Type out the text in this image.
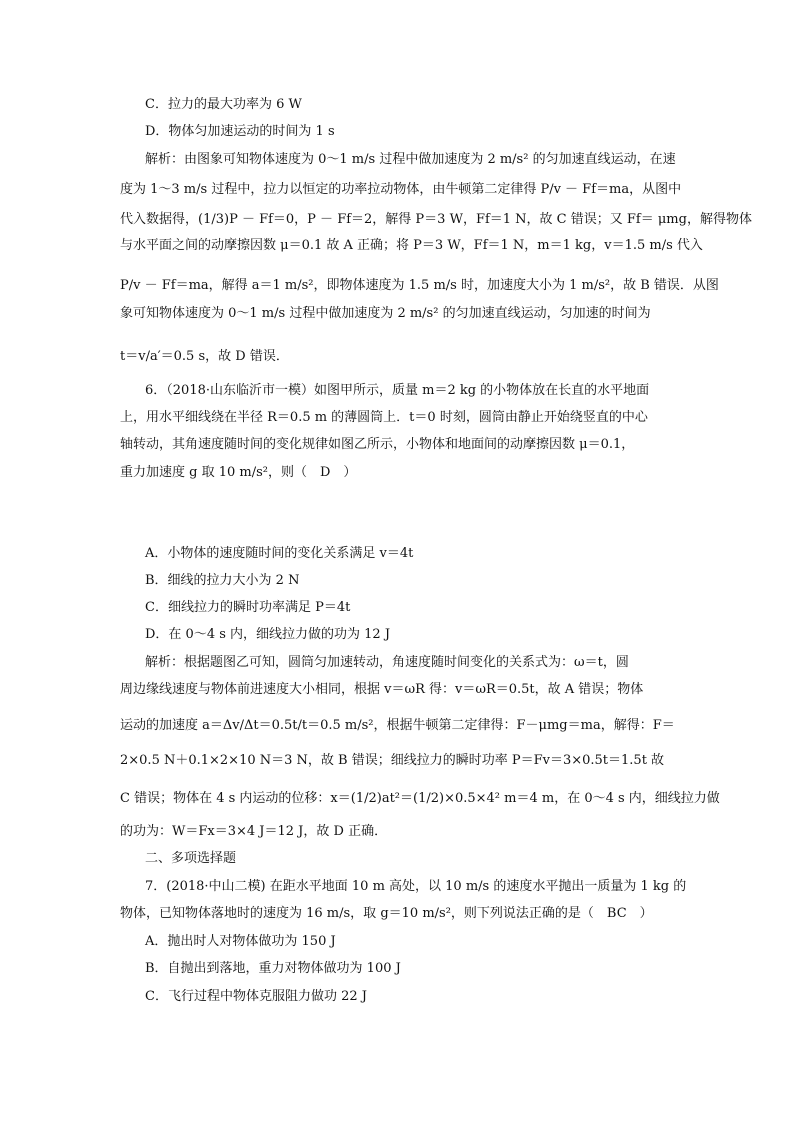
C．拉力的最大功率为 6 W
D．物体匀加速运动的时间为 1 s
解析：由图象可知物体速度为 0～1 m/s 过程中做加速度为 2 m/s² 的匀加速直线运动，在速
度为 1～3 m/s 过程中，拉力以恒定的功率拉动物体，由牛顿第二定律得 P/v － Ff＝ma，从图中
代入数据得，(1/3)P － Ff＝0，P － Ff＝2，解得 P＝3 W，Ff＝1 N，故 C 错误；又 Ff＝ μmg，解得物体
与水平面之间的动摩擦因数 μ＝0.1 故 A 正确；将 P＝3 W，Ff＝1 N，m＝1 kg，v＝1.5 m/s 代入
P/v － Ff＝ma，解得 a＝1 m/s²，即物体速度为 1.5 m/s 时，加速度大小为 1 m/s²，故 B 错误．从图
象可知物体速度为 0～1 m/s 过程中做加速度为 2 m/s² 的匀加速直线运动，匀加速的时间为
t＝v/a′＝0.5 s，故 D 错误．
6．（2018·山东临沂市一模）如图甲所示，质量 m＝2 kg 的小物体放在长直的水平地面
上，用水平细线绕在半径 R＝0.5 m 的薄圆筒上．t＝0 时刻，圆筒由静止开始绕竖直的中心
轴转动，其角速度随时间的变化规律如图乙所示，小物体和地面间的动摩擦因数 μ＝0.1，
重力加速度 g 取 10 m/s²，则（　D　）
A．小物体的速度随时间的变化关系满足 v＝4t
B．细线的拉力大小为 2 N
C．细线拉力的瞬时功率满足 P＝4t
D．在 0～4 s 内，细线拉力做的功为 12 J
解析：根据题图乙可知，圆筒匀加速转动，角速度随时间变化的关系式为：ω＝t，圆
周边缘线速度与物体前进速度大小相同，根据 v＝ωR 得：v＝ωR＝0.5t，故 A 错误；物体
运动的加速度 a＝Δv/Δt＝0.5t/t＝0.5 m/s²，根据牛顿第二定律得：F－μmg＝ma，解得：F＝
2×0.5 N＋0.1×2×10 N＝3 N，故 B 错误；细线拉力的瞬时功率 P＝Fv＝3×0.5t＝1.5t 故
C 错误；物体在 4 s 内运动的位移：x＝(1/2)at²＝(1/2)×0.5×4² m＝4 m，在 0～4 s 内，细线拉力做
的功为：W＝Fx＝3×4 J＝12 J，故 D 正确．
二、多项选择题
7．(2018·中山二模) 在距水平地面 10 m 高处，以 10 m/s 的速度水平抛出一质量为 1 kg 的
物体，已知物体落地时的速度为 16 m/s，取 g＝10 m/s²，则下列说法正确的是（　BC　）
A．抛出时人对物体做功为 150 J
B．自抛出到落地，重力对物体做功为 100 J
C．飞行过程中物体克服阻力做功 22 J
